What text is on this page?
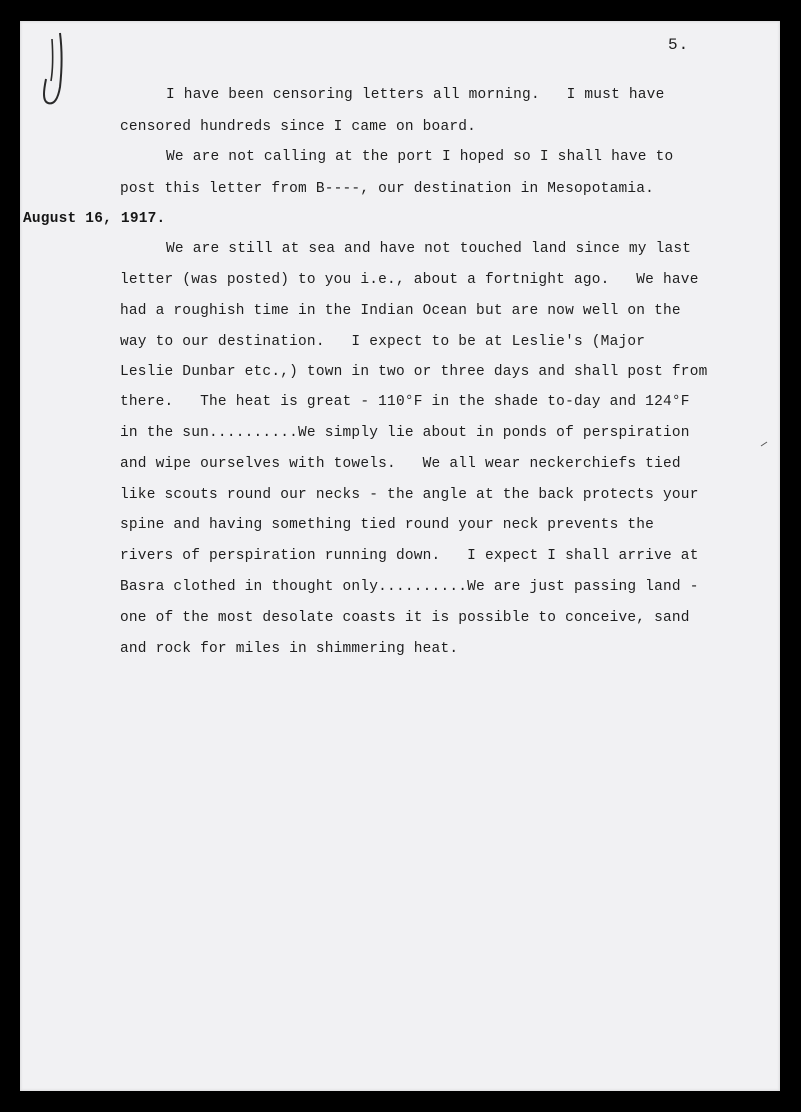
5.
I have been censoring letters all morning.   I must have
censored hundreds since I came on board.
We are not calling at the port I hoped so I shall have to
post this letter from B----, our destination in Mesopotamia.
August 16, 1917.
We are still at sea and have not touched land since my last
letter (was posted) to you i.e., about a fortnight ago.   We have
had a roughish time in the Indian Ocean but are now well on the
way to our destination.   I expect to be at Leslie's (Major
Leslie Dunbar etc.,) town in two or three days and shall post from
there.   The heat is great - 110°F in the shade to-day and 124°F
in the sun..........We simply lie about in ponds of perspiration
and wipe ourselves with towels.   We all wear neckerchiefs tied
like scouts round our necks - the angle at the back protects your
spine and having something tied round your neck prevents the
rivers of perspiration running down.   I expect I shall arrive at
Basra clothed in thought only..........We are just passing land -
one of the most desolate coasts it is possible to conceive, sand
and rock for miles in shimmering heat.
